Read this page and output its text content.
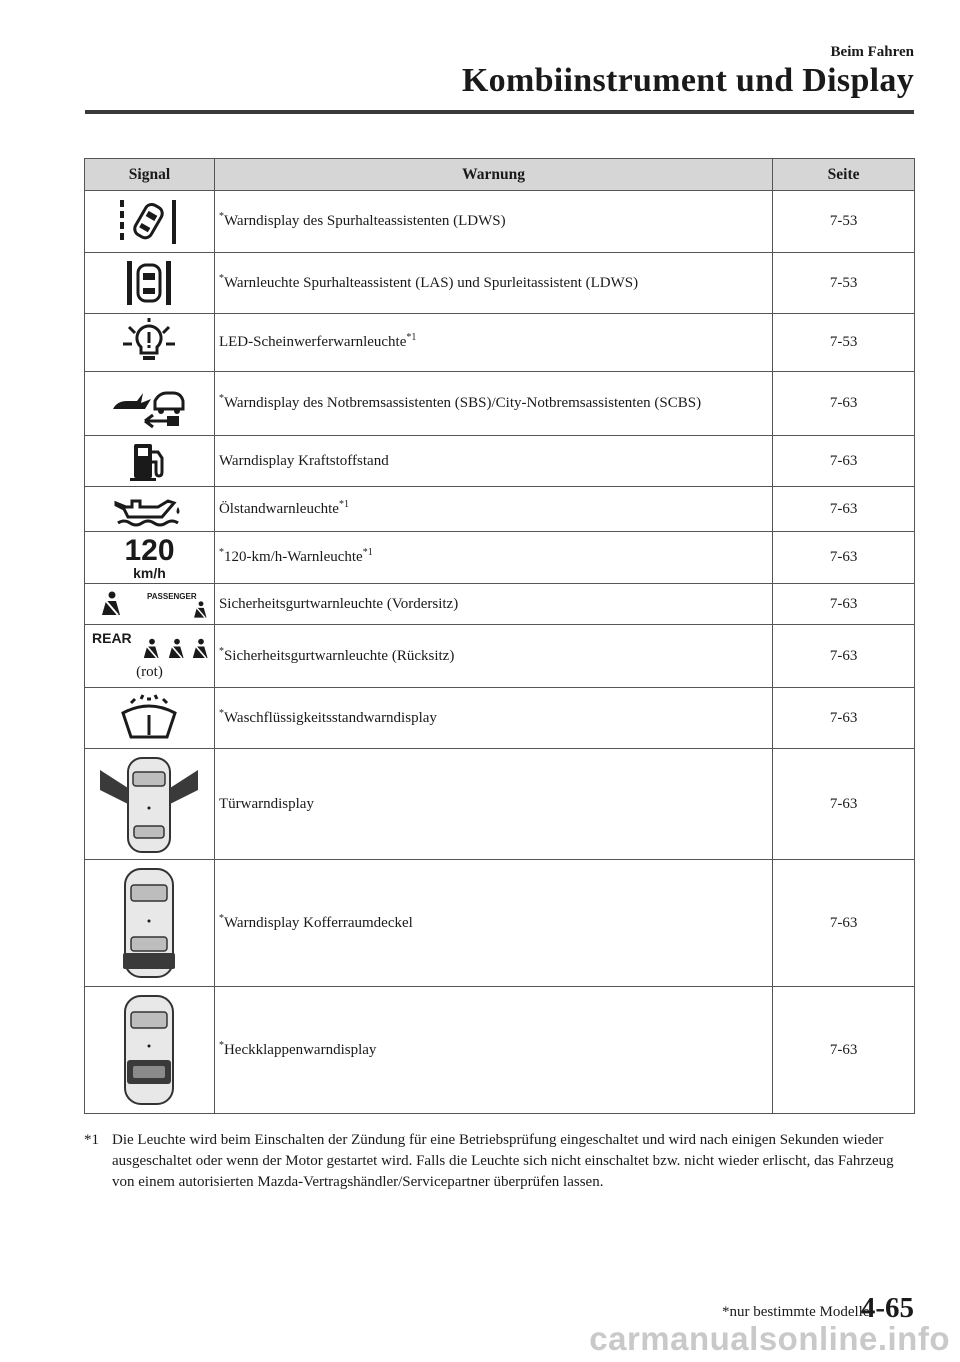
Beim Fahren
Kombiinstrument und Display
Signal	Warnung	Seite

	*Warndisplay des Spurhalteassistenten (LDWS)	7-53

	*Warnleuchte Spurhalteassistent (LAS) und Spurleitassistent (LDWS)	7-53

	LED-Scheinwerferwarnleuchte$^{*1}$	7-53

	*Warndisplay des Notbremsassistenten (SBS)/City-Notbremsassistenten (SCBS)	7-63

	Warndisplay Kraftstoffstand	7-63

	Ölstandwarnleuchte$^{*1}$	7-63

120
km/h	*120-km/h-Warnleuchte$^{*1}$	7-63

PASSENGER	Sicherheitsgurtwarnleuchte (Vordersitz)	7-63

REAR
(rot)	*Sicherheitsgurtwarnleuchte (Rücksitz)	7-63

	*Waschflüssigkeitsstandwarndisplay	7-63

	Türwarndisplay	7-63

	*Warndisplay Kofferraumdeckel	7-63

	*Heckklappenwarndisplay	7-63
*1 Die Leuchte wird beim Einschalten der Zündung für eine Betriebsprüfung eingeschaltet und wird nach einigen Sekunden wieder ausgeschaltet oder wenn der Motor gestartet wird. Falls die Leuchte sich nicht einschaltet bzw. nicht wieder erlischt, das Fahrzeug von einem autorisierten Mazda-Vertragshändler/Servicepartner überprüfen lassen.
*nur bestimmte Modelle
4-65
carmanualsonline.info
